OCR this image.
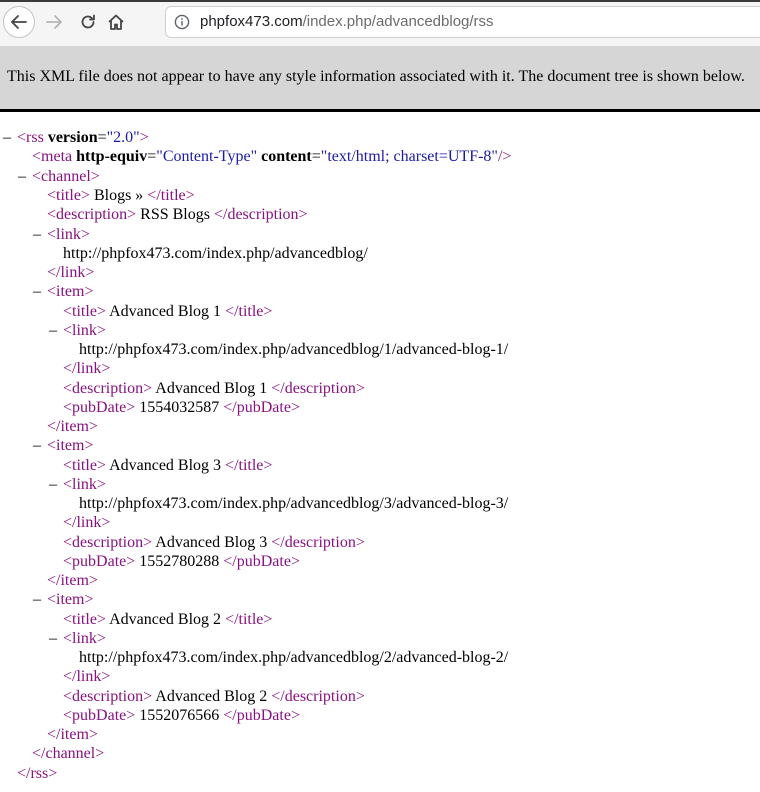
phpfox473.com/index.php/advancedblog/rss
This XML file does not appear to have any style information associated with it. The document tree is shown below.
– <rss version="2.0">
<meta http-equiv="Content-Type" content="text/html; charset=UTF-8"/>
– <channel>
<title> Blogs » </title>
<description> RSS Blogs </description>
– <link>
http://phpfox473.com/index.php/advancedblog/
</link>
– <item>
<title> Advanced Blog 1 </title>
– <link>
http://phpfox473.com/index.php/advancedblog/1/advanced-blog-1/
</link>
<description> Advanced Blog 1 </description>
<pubDate> 1554032587 </pubDate>
</item>
– <item>
<title> Advanced Blog 3 </title>
– <link>
http://phpfox473.com/index.php/advancedblog/3/advanced-blog-3/
</link>
<description> Advanced Blog 3 </description>
<pubDate> 1552780288 </pubDate>
</item>
– <item>
<title> Advanced Blog 2 </title>
– <link>
http://phpfox473.com/index.php/advancedblog/2/advanced-blog-2/
</link>
<description> Advanced Blog 2 </description>
<pubDate> 1552076566 </pubDate>
</item>
</channel>
</rss>
